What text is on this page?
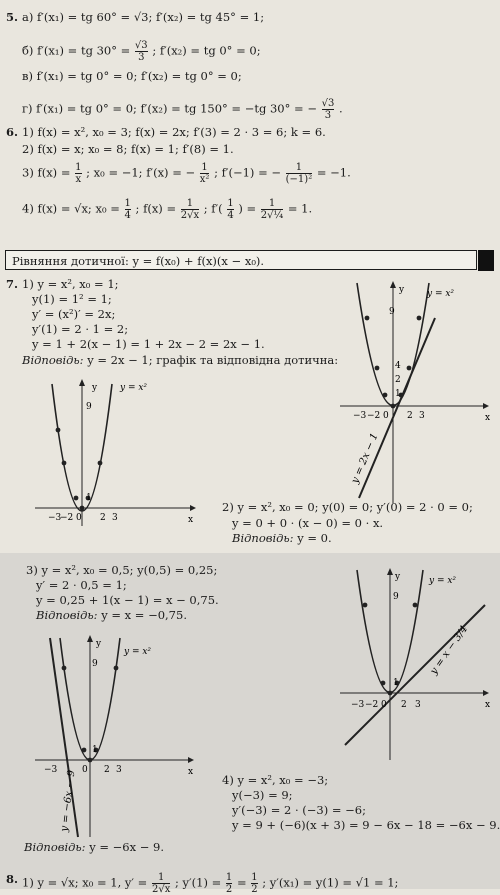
5. а) f′(x₁) = tg 60° = √3; f′(x₂) = tg 45° = 1;
б) f′(x₁) = tg $30^\circ = \frac{√3}{3}$ ; f′(x₂) = tg 0° = 0;
в) f′(x₁) = tg 0° = 0; f′(x₂) = tg 0° = 0;
г) f′(x₁) = tg 0° = 0; f′(x₂) = tg 150° = −tg 30° = − $\frac{√3}{3}$ .
6. 1) f(x) = x², x₀ = 3; f(x) = 2x; f′(3) = 2 · 3 = 6; k = 6.
2) f(x) = x; x₀ = 8; f(x) = 1; f′(8) = 1.
3) $f(x) = \frac{1}{x}$ ; x₀ = −1; f′(x) = − $\frac{1}{\text{x²}}$ ; f′(−1) = − $\frac{1}{\text{(−1)²}} = -1$.
4) f(x) = √x; $x_0 = \frac{1}{4}$ ; $f(x) = \frac{1}{2√x}$ ; $f'( \frac{1}{4}$ ) = $\frac{1}{\text{2√¼}} = 1$.
Рівняння дотичної: y = f(x₀) + f(x)(x − x₀).
7. 1) y = x², x₀ = 1;
y(1) = 1² = 1;
y′ = (x²)′ = 2x;
y′(1) = 2 · 1 = 2;
y = 1 + 2(x − 1) = 1 + 2x − 2 = 2x − 1.
Відповідь: y = 2x − 1; графік та відповідна дотична:
y
x
y = x²
9
1
−3
−2 0 2 3
y
x
y = x²
9
4
2
1
−3 −2 0 2 3
y = 2x − 1
2) y = x², x₀ = 0; y(0) = 0; y′(0) = 2 · 0 = 0;
y = 0 + 0 · (x − 0) = 0 · x.
Відповідь: y = 0.
3) y = x², x₀ = 0,5; y(0,5) = 0,25;
y′ = 2 · 0,5 = 1;
y = 0,25 + 1(x − 1) = x − 0,75.
Відповідь: y = x = −0,75.
y
x
y = x²
9
1
−3 −2 0 2 3
y = x − 3/4
y
x
y = x²
9
1
−3	0 2 3
y = −6x − 9	4) y = x², x₀ = −3;
y(−3) = 9;
y′(−3) = 2 · (−3) = −6;
y = 9 + (−6)(x + 3) = 9 − 6x − 18 = −6x − 9.
Відповідь: y = −6x − 9.
8. 1) y = √x; x₀ = 1, $y' = \frac{1}{2√x}$ ; $y'(1) = \frac{1}{2} = \frac{1}{2}$ ; y′(x₁) = y(1) = √1 = 1;
